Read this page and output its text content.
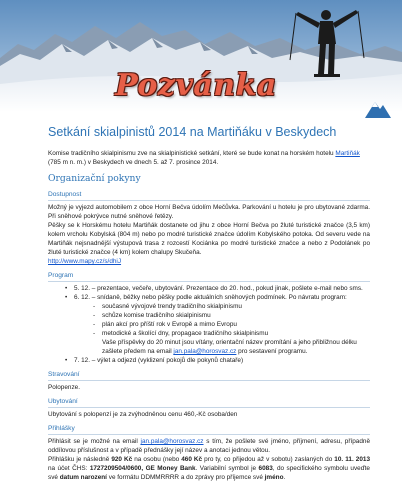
Pozvánka
Setkání skialpinistů 2014 na Martiňáku v Beskydech

Komise tradičního skialpinismu zve na skialpinistické setkání, které se bude konat na horském hotelu Martiňák (785 m n. m.) v Beskydech ve dnech 5. až 7. prosince 2014.

Organizační pokyny
Dostupnost

Možný je vyjezd automobilem z obce Horní Bečva údolím Mečůvka. Parkování u hotelu je pro ubytované zdarma. Při sněhové pokrývce nutné sněhové řetězy.

Pěšky se k Horskému hotelu Martiňák dostanete od jihu z obce Horní Bečva po žluté turistické značce (3,5 km) kolem vrcholu Kobylská (804 m) nebo po modré turistické značce údolím Kobylského potoka. Od severu vede na Martiňák nejsnadnější výstupová trasa z rozcestí Kociánka po modré turistické značce a nebo z Podolánek po žluté turistické značce (4 km) kolem chalupy Skučeňa.

http://www.mapy.cz/s/dhiJ

Program
• 5. 12. – prezentace, večeře, ubytování. Prezentace do 20. hod., pokud jinak, pošlete e-mail nebo sms.
• 6. 12. – snídaně, běžky nebo pěšky podle aktuálních sněhových podmínek. Po návratu program:
- současné vývojové trendy tradičního skialpinismu
- schůze komise tradičního skialpinismu
- plán akcí pro příští rok v Evropě a mimo Evropu
- metodické a školící dny, propagace tradičního skialpinismu
Vaše příspěvky do 20 minut jsou vítány, orientační název promítání a jeho přibližnou délku zašlete předem na email jan.pala@horosvaz.cz pro sestavení programu.
• 7. 12. – výlet a odjezd (vyklizení pokojů dle pokynů chataře)
Stravování

Polopenze.

Ubytování

Ubytování s polopenzí je za zvýhodněnou cenu 460,-Kč osoba/den

Přihlášky

Přihlásit se je možné na email jan.pala@horosvaz.cz s tím, že pošlete své jméno, příjmení, adresu, případně oddílovou příslušnost a v případě přednášky její název a anotaci jednou větou.

Přihlášku je následně 920 Kč na osobu (nebo 460 Kč pro ty, co přijedou až v sobotu) zaslaných do 10. 11. 2013 na účet ČHS: 1727209504/0600, GE Money Bank. Variabilní symbol je 6083, do specifického symbolu uveďte své datum narození ve formátu DDMMRRRR a do zprávy pro příjemce své jméno.
